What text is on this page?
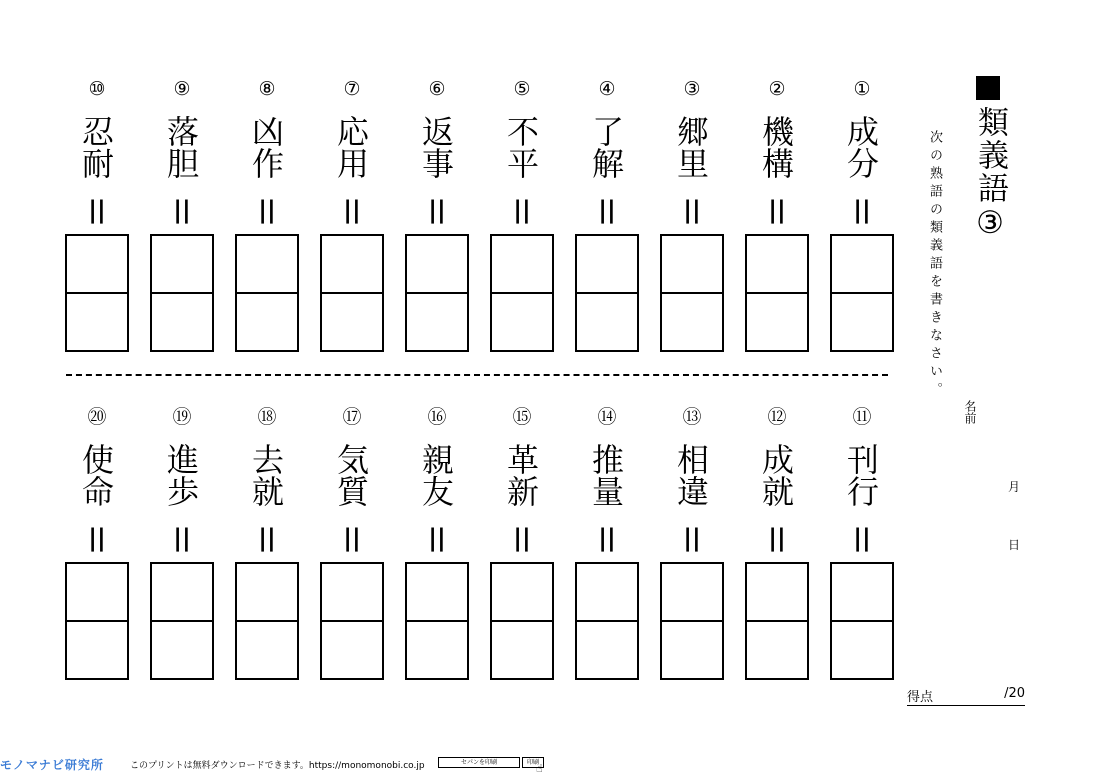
類義語③
次の熟語の類義語を書きなさい。
名前
月
日
得点	/20
①
成分
||
②
機構
||
③
郷里
||
④
了解
||
⑤
不平
||
⑥
返事
||
⑦
応用
||
⑧
凶作
||
⑨
落胆
||
⑩
忍耐
||
⑪
刊行
||
⑫
成就
||
⑬
相違
||
⑭
推量
||
⑮
革新
||
⑯
親友
||
⑰
気質
||
⑱
去就
||
⑲
進歩
||
⑳
使命
||
モノマナビ研究所	このプリントは無料ダウンロードできます。https://monomonobi.co.jp	セパンを印刷	印刷
☝
